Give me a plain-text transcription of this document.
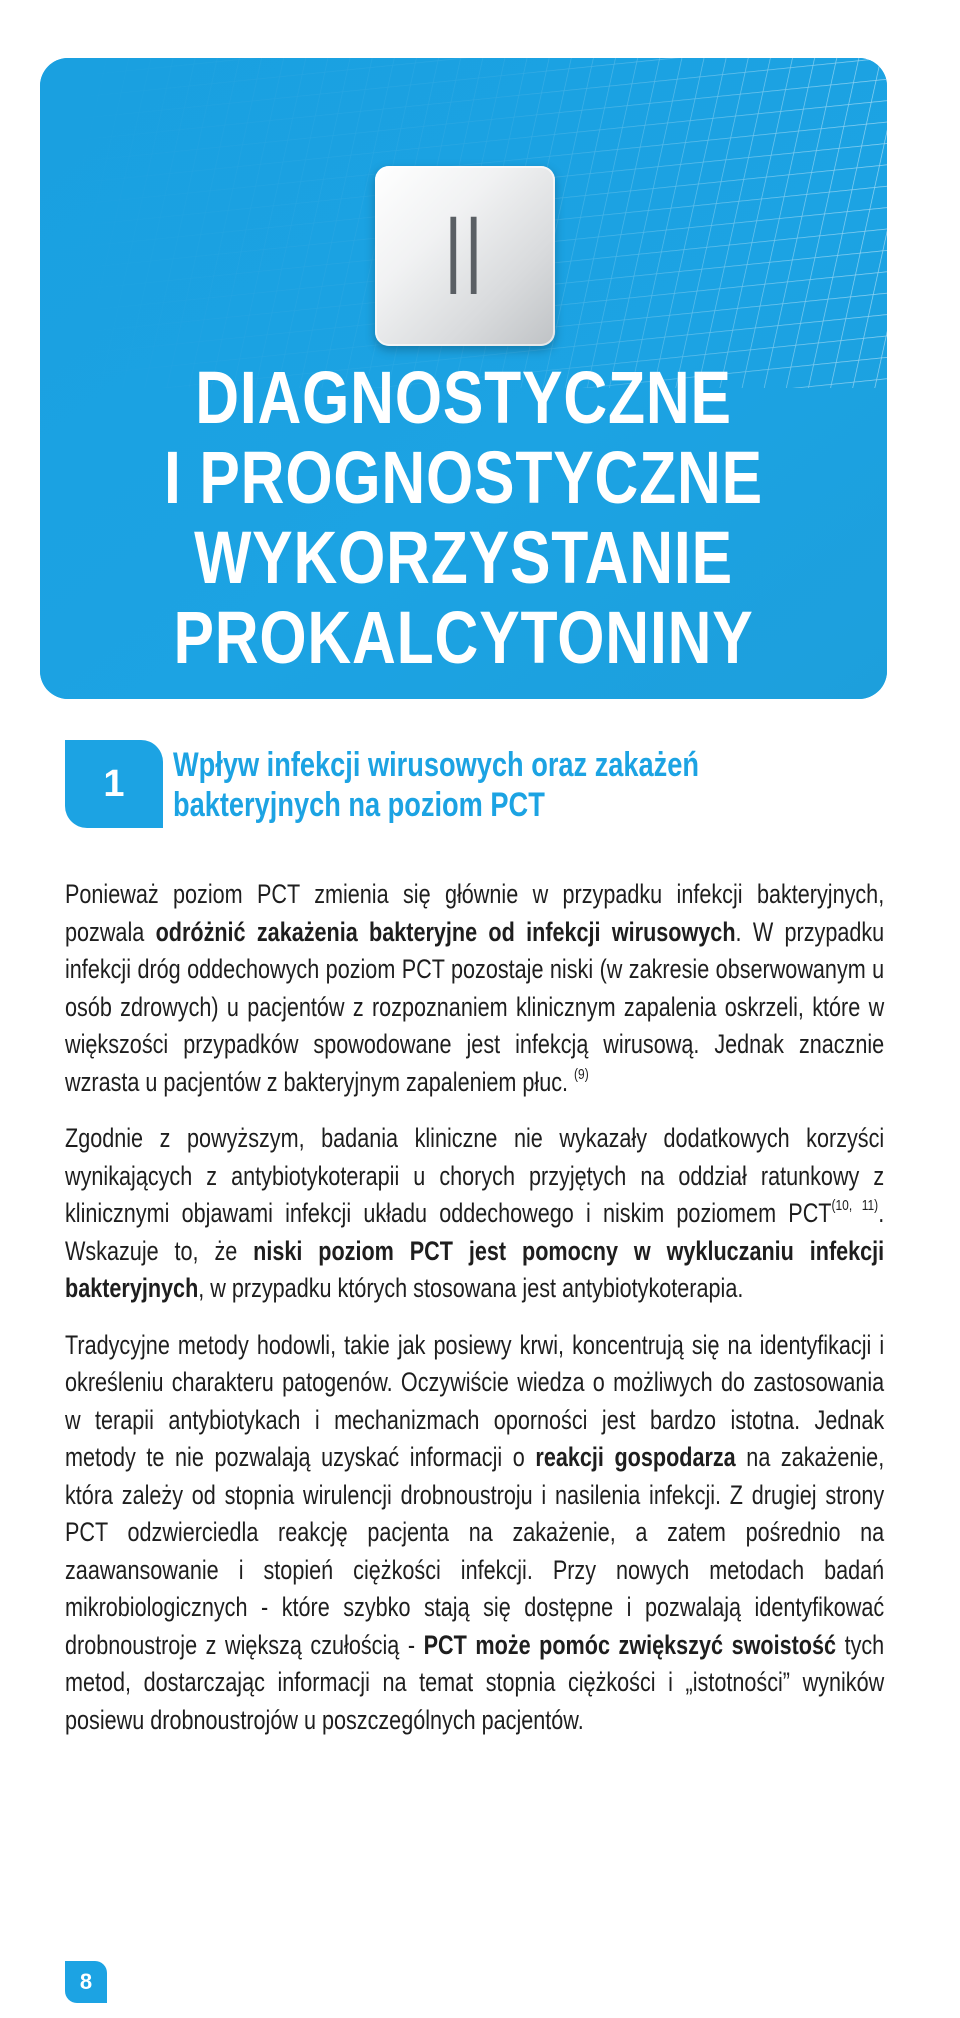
II
DIAGNOSTYCZNE
I PROGNOSTYCZNE
WYKORZYSTANIE
PROKALCYTONINY
1	Wpływ infekcji wirusowych oraz zakażeń
bakteryjnych na poziom PCT

Ponieważ poziom PCT zmienia się głównie w przypadku infekcji bakteryjnych, pozwala odróżnić zakażenia bakteryjne od infekcji wirusowych. W przypadku infekcji dróg oddechowych poziom PCT pozostaje niski (w zakresie obserwowanym u osób zdrowych) u pacjentów z rozpoznaniem klinicznym zapalenia oskrzeli, które w większości przypadków spowodowane jest infekcją wirusową. Jednak znacznie wzrasta u pacjentów z bakteryjnym zapaleniem płuc. $^{(9)}$

Zgodnie z powyższym, badania kliniczne nie wykazały dodatkowych korzyści wynikających z antybiotykoterapii u chorych przyjętych na oddział ratunkowy z klinicznymi objawami infekcji układu oddechowego i niskim poziomem PCT$^{(10, 11)}$. Wskazuje to, że niski poziom PCT jest pomocny w wykluczaniu infekcji bakteryjnych, w przypadku których stosowana jest antybiotykoterapia.

Tradycyjne metody hodowli, takie jak posiewy krwi, koncentrują się na identyfikacji i określeniu charakteru patogenów. Oczywiście wiedza o możliwych do zastosowania w terapii antybiotykach i mechanizmach oporności jest bardzo istotna. Jednak metody te nie pozwalają uzyskać informacji o reakcji gospodarza na zakażenie, która zależy od stopnia wirulencji drobnoustroju i nasilenia infekcji. Z drugiej strony PCT odzwierciedla reakcję pacjenta na zakażenie, a zatem pośrednio na zaawansowanie i stopień ciężkości infekcji. Przy nowych metodach badań mikrobiologicznych - które szybko stają się dostępne i pozwalają identyfikować drobnoustroje z większą czułością - PCT może pomóc zwiększyć swoistość tych metod, dostarczając informacji na temat stopnia ciężkości i „istotności” wyników posiewu drobnoustrojów u poszczególnych pacjentów.

8
